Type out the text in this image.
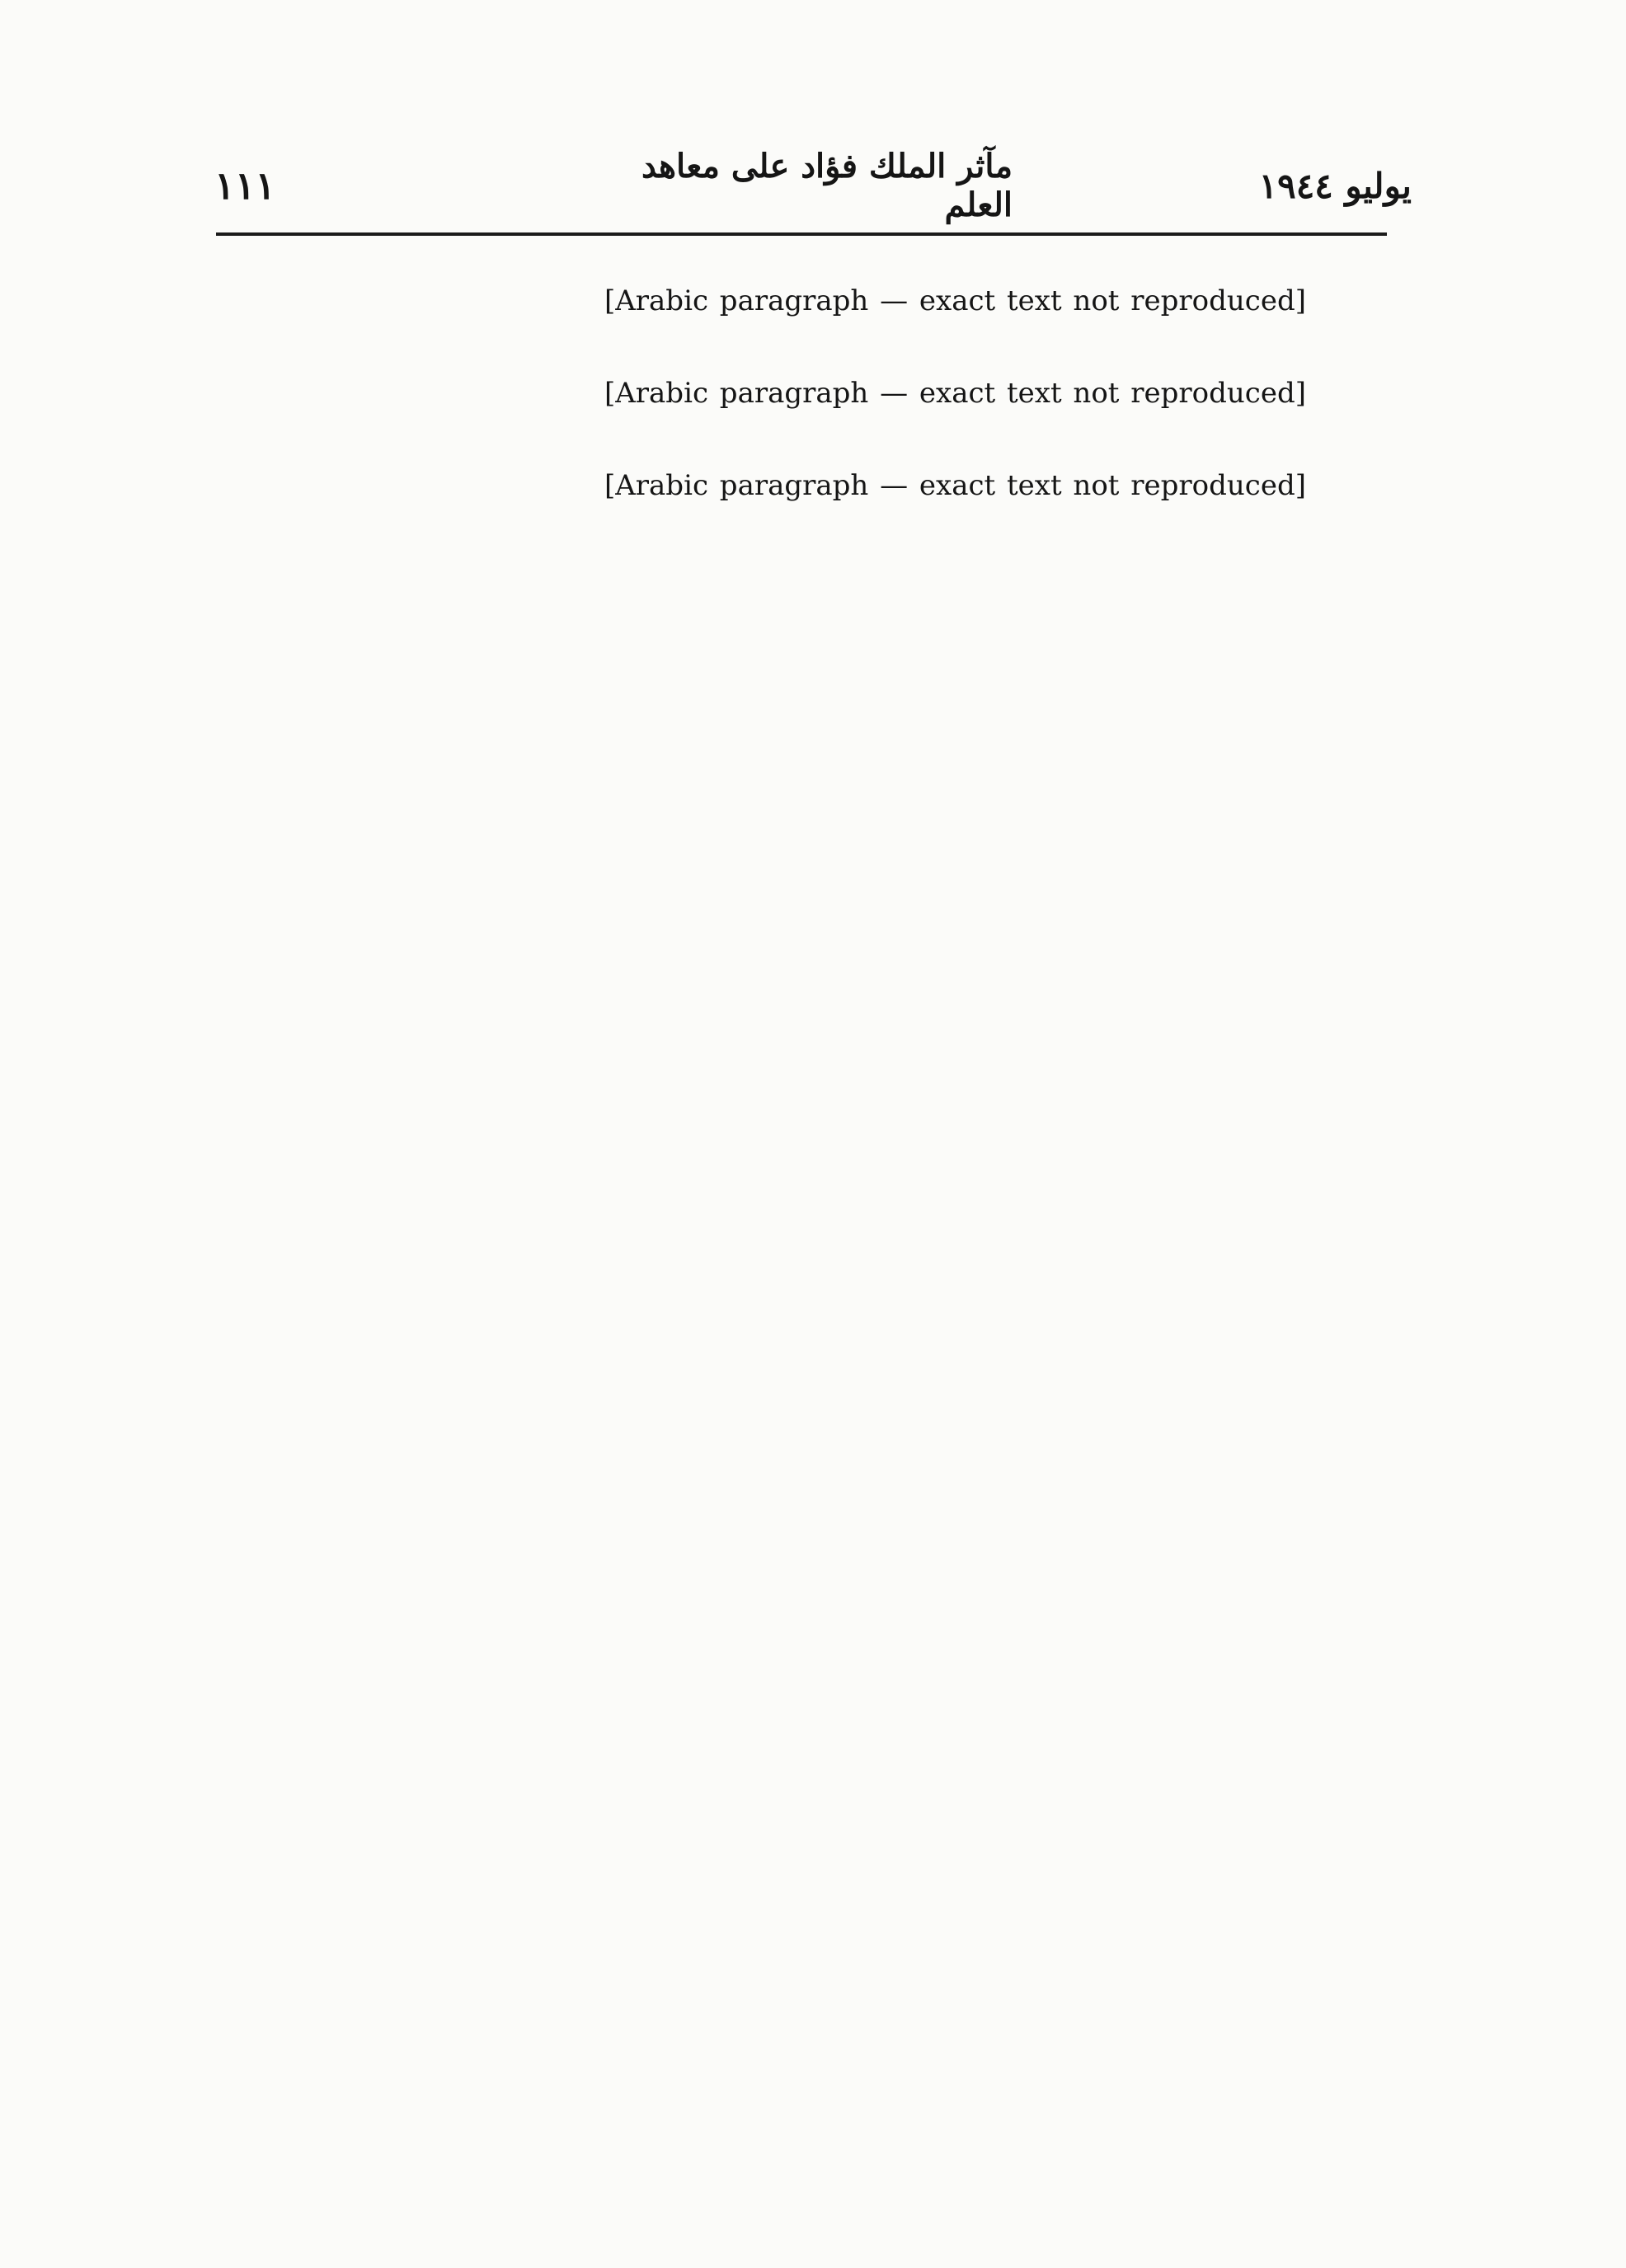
يوليو ١٩٤٤
مآثر الملك فؤاد على معاهد العلم
١١١

[Arabic paragraph — exact text not reproduced]

[Arabic paragraph — exact text not reproduced]

[Arabic paragraph — exact text not reproduced]
